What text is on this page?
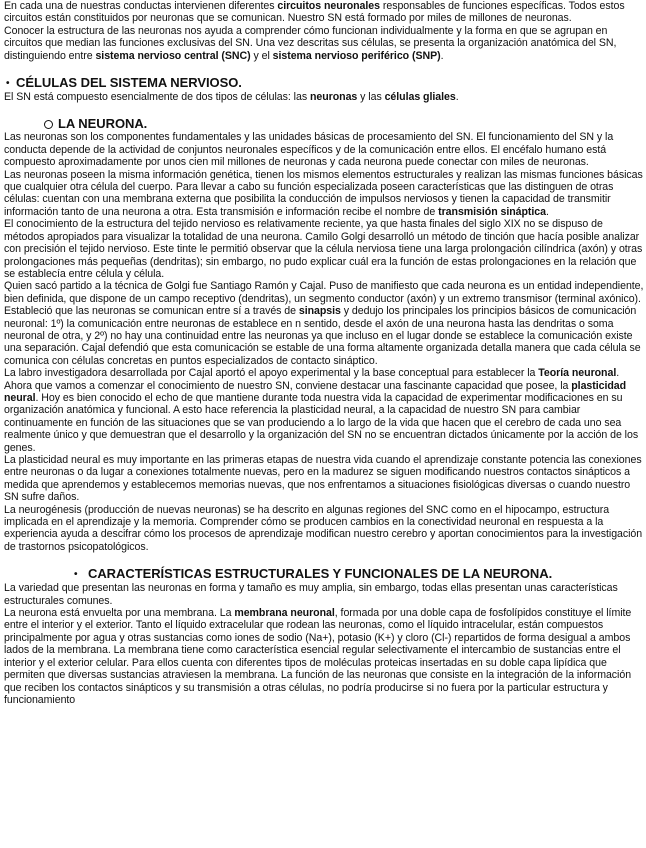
En cada una de nuestras conductas intervienen diferentes circuitos neuronales responsables de funciones específicas. Todos estos circuitos están constituidos por neuronas que se comunican. Nuestro SN está formado por miles de millones de neuronas.

Conocer la estructura de las neuronas nos ayuda a comprender cómo funcionan individualmente y la forma en que se agrupan en circuitos que median las funciones exclusivas del SN. Una vez descritas sus células, se presenta la organización anatómica del SN, distinguiendo entre sistema nervioso central (SNC) y el sistema nervioso periférico (SNP).

• CÉLULAS DEL SISTEMA NERVIOSO.

El SN está compuesto esencialmente de dos tipos de células: las neuronas y las células gliales.

LA NEURONA.

Las neuronas son los componentes fundamentales y las unidades básicas de procesamiento del SN. El funcionamiento del SN y la conducta depende de la actividad de conjuntos neuronales específicos y de la comunicación entre ellos. El encéfalo humano está compuesto aproximadamente por unos cien mil millones de neuronas y cada neurona puede conectar con miles de neuronas.

Las neuronas poseen la misma información genética, tienen los mismos elementos estructurales y realizan las mismas funciones básicas que cualquier otra célula del cuerpo. Para llevar a cabo su función especializada poseen características que las distinguen de otras células: cuentan con una membrana externa que posibilita la conducción de impulsos nerviosos y tienen la capacidad de transmitir información tanto de una neurona a otra. Esta transmisión e información recibe el nombre de transmisión sináptica.

El conocimiento de la estructura del tejido nervioso es relativamente reciente, ya que hasta finales del siglo XIX no se dispuso de métodos apropiados para visualizar la totalidad de una neurona. Camilo Golgi desarrolló un método de tinción que hacía posible analizar con precisión el tejido nervioso. Este tinte le permitió observar que la célula nerviosa tiene una larga prolongación cilíndrica (axón) y otras prolongaciones más pequeñas (dendritas); sin embargo, no pudo explicar cuál era la función de estas prolongaciones en la relación que se establecía entre célula y célula.

Quien sacó partido a la técnica de Golgi fue Santiago Ramón y Cajal. Puso de manifiesto que cada neurona es un entidad independiente, bien definida, que dispone de un campo receptivo (dendritas), un segmento conductor (axón) y un extremo transmisor (terminal axónico). Estableció que las neuronas se comunican entre sí a través de sinapsis y dedujo los principales los principios básicos de comunicación neuronal: 1º) la comunicación entre neuronas de establece en n sentido, desde el axón de una neurona hasta las dendritas o soma neuronal de otra, y 2º) no hay una continuidad entre las neuronas ya que incluso en el lugar donde se establece la comunicación existe una separación. Cajal defendió que esta comunicación se estable de una forma altamente organizada detalla manera que cada célula se comunica con células concretas en puntos especializados de contacto sináptico.

La labro investigadora desarrollada por Cajal aportó el apoyo experimental y la base conceptual para establecer la Teoría neuronal.

Ahora que vamos a comenzar el conocimiento de nuestro SN, conviene destacar una fascinante capacidad que posee, la plasticidad neural. Hoy es bien conocido el echo de que mantiene durante toda nuestra vida la capacidad de experimentar modificaciones en su organización anatómica y funcional. A esto hace referencia la plasticidad neural, a la capacidad de nuestro SN para cambiar continuamente en función de las situaciones que se van produciendo a lo largo de la vida que hacen que el cerebro de cada uno sea realmente único y que demuestran que el desarrollo y la organización del SN no se encuentran dictados únicamente por la acción de los genes.

La plasticidad neural es muy importante en las primeras etapas de nuestra vida cuando el aprendizaje constante potencia las conexiones entre neuronas o da lugar a conexiones totalmente nuevas, pero en la madurez se siguen modificando nuestros contactos sinápticos a medida que aprendemos y establecemos memorias nuevas, que nos enfrentamos a situaciones fisiológicas diversas o cuando nuestro SN sufre daños.

La neurogénesis (producción de nuevas neuronas) se ha descrito en algunas regiones del SNC como en el hipocampo, estructura implicada en el aprendizaje y la memoria. Comprender cómo se producen cambios en la conectividad neuronal en respuesta a la experiencia ayuda a descifrar cómo los procesos de aprendizaje modifican nuestro cerebro y aportan conocimientos para la investigación de trastornos psicopatológicos.

• CARACTERÍSTICAS ESTRUCTURALES Y FUNCIONALES DE LA NEURONA.

La variedad que presentan las neuronas en forma y tamaño es muy amplia, sin embargo, todas ellas presentan unas características estructurales comunes.

La neurona está envuelta por una membrana. La membrana neuronal, formada por una doble capa de fosfolípidos constituye el límite entre el interior y el exterior. Tanto el líquido extracelular que rodean las neuronas, como el líquido intracelular, están compuestos principalmente por agua y otras sustancias como iones de sodio (Na+), potasio (K+) y cloro (Cl-) repartidos de forma desigual a ambos lados de la membrana. La membrana tiene como característica esencial regular selectivamente el intercambio de sustancias entre el interior y el exterior celular. Para ellos cuenta con diferentes tipos de moléculas proteicas insertadas en su doble capa lipídica que permiten que diversas sustancias atraviesen la membrana. La función de las neuronas que consiste en la integración de la información que reciben los contactos sinápticos y su transmisión a otras células, no podría producirse si no fuera por la particular estructura y funcionamiento
